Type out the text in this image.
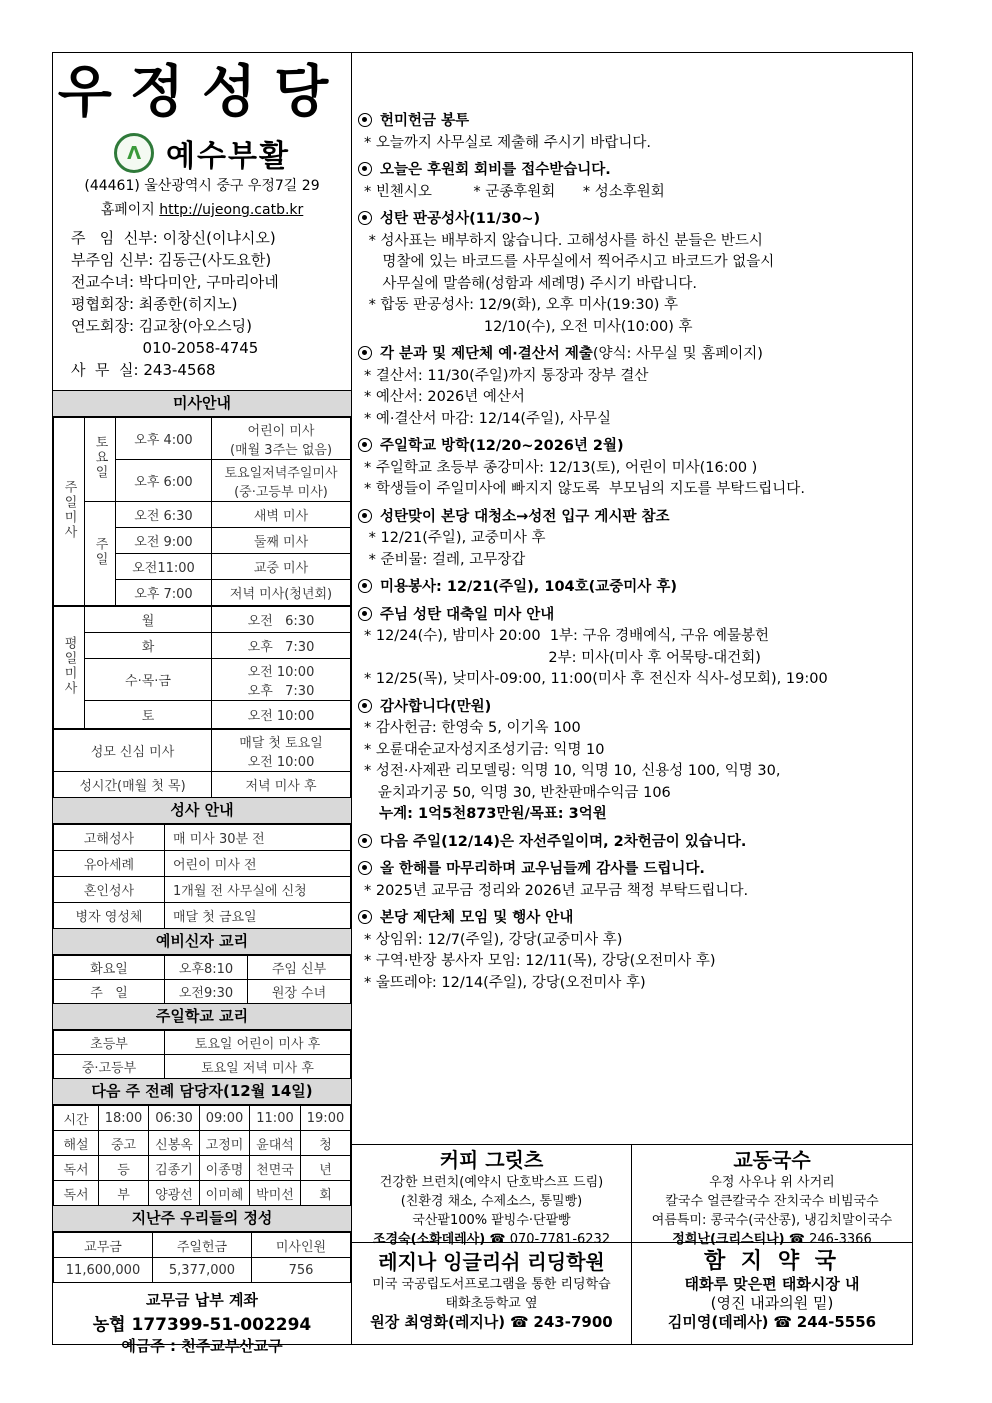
우정성당
ⴷ 예수부활
(44461) 울산광역시 중구 우정7길 29
홈페이지 http://ujeong.catb.kr
주   임  신부: 이창신(이냐시오)
부주임 신부: 김동근(사도요한)
전교수녀: 박다미안, 구마리아네
평협회장: 최종한(히지노)
연도회장: 김교창(아오스딩)
010-2058-4745
사  무  실: 243-4568
미사안내
주일미사	토요일	오후 4:00	어린이 미사
(매월 3주는 없음)

		오후 6:00	토요일저녁주일미사
(중·고등부 미사)

	주일	오전 6:30	새벽 미사
		오전 9:00	둘째 미사
		오전11:00	교중 미사
		오후 7:00	저녁 미사(청년회)
평일미사	월	오전   6:30
	화	오후   7:30
	수·목·금	오전 10:00
오후   7:30

	토	오전 10:00
성모 신심 미사	매달 첫 토요일
오전 10:00

성시간(매월 첫 목)	저녁 미사 후
성사 안내
고해성사	매 미사 30분 전
유아세례	어린이 미사 전
혼인성사	1개월 전 사무실에 신청
병자 영성체	매달 첫 금요일
예비신자 교리
화요일	오후8:10	주임 신부
주   일	오전9:30	원장 수녀
주일학교 교리
초등부	토요일 어린이 미사 후
중·고등부	토요일 저녁 미사 후
다음 주 전례 담당자(12월 14일)
시간	18:00	06:30	09:00	11:00	19:00
해설	중고	신봉옥	고정미	윤대석	청
독서	등	김종기	이종명	천면국	년
독서	부	양광선	이미혜	박미선	회
지난주 우리들의 정성
교무금	주일헌금	미사인원
11,600,000	5,377,000	756
교무금 납부 계좌
농협 177399-51-002294
예금주 : 천주교부산교구
헌미헌금 봉투
* 오늘까지 사무실로 제출해 주시기 바랍니다.
오늘은 후원회 회비를 접수받습니다.
* 빈첸시오         * 군종후원회      * 성소후원회
성탄 판공성사(11/30~)
* 성사표는 배부하지 않습니다. 고해성사를 하신 분들은 반드시
명찰에 있는 바코드를 사무실에서 찍어주시고 바코드가 없을시
사무실에 말씀해(성함과 세례명) 주시기 바랍니다.
* 합동 판공성사: 12/9(화), 오후 미사(19:30) 후
12/10(수), 오전 미사(10:00) 후
각 분과 및 제단체 예·결산서 제출(양식: 사무실 및 홈페이지)
* 결산서: 11/30(주일)까지 통장과 장부 결산
* 예산서: 2026년 예산서
* 예·결산서 마감: 12/14(주일), 사무실
주일학교 방학(12/20~2026년 2월)
* 주일학교 초등부 종강미사: 12/13(토), 어린이 미사(16:00 )
* 학생들이 주일미사에 빠지지 않도록  부모님의 지도를 부탁드립니다.
성탄맞이 본당 대청소→성전 입구 게시판 참조
* 12/21(주일), 교중미사 후
* 준비물: 걸레, 고무장갑
미용봉사: 12/21(주일), 104호(교중미사 후)
주님 성탄 대축일 미사 안내
* 12/24(수), 밤미사 20:00  1부: 구유 경배예식, 구유 예물봉헌
2부: 미사(미사 후 어묵탕-대건회)
* 12/25(목), 낮미사-09:00, 11:00(미사 후 전신자 식사-성모회), 19:00
감사합니다(만원)
* 감사헌금: 한영숙 5, 이기옥 100
* 오륜대순교자성지조성기금: 익명 10
* 성전·사제관 리모델링: 익명 10, 익명 10, 신용성 100, 익명 30,
윤치과기공 50, 익명 30, 반찬판매수익금 106
누계: 1억5천873만원/목표: 3억원
다음 주일(12/14)은 자선주일이며, 2차헌금이 있습니다.
올 한해를 마무리하며 교우님들께 감사를 드립니다.
* 2025년 교무금 정리와 2026년 교무금 책정 부탁드립니다.
본당 제단체 모임 및 행사 안내
* 상임위: 12/7(주일), 강당(교중미사 후)
* 구역·반장 봉사자 모임: 12/11(목), 강당(오전미사 후)
* 울뜨레야: 12/14(주일), 강당(오전미사 후)
커피 그릿츠
건강한 브런치(예약시 단호박스프 드림)
(친환경 채소, 수제소스, 통밀빵)
국산팥100% 팥빙수·단팥빵
조경숙(소화데레사) ☎ 070-7781-6232
교동국수
우정 사우나 위 사거리
칼국수 얼큰칼국수 잔치국수 비빔국수
여름특미: 콩국수(국산콩), 냉김치말이국수
정희난(크리스티나) ☎ 246-3366
레지나 잉글리쉬 리딩학원
미국 국공립도서프로그램을 통한 리딩학습
태화초등학교 옆
원장 최영화(레지나) ☎ 243-7900
함 지 약 국
태화루 맞은편 태화시장 내
(영진 내과의원 밑)
김미영(데레사) ☎ 244-5556
